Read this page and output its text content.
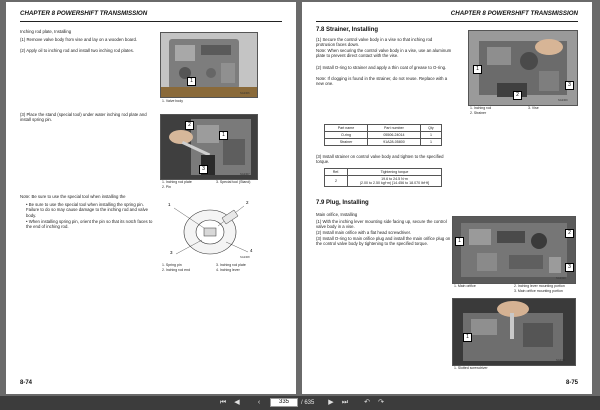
CHAPTER 8 POWERSHIFT TRANSMISSION
Inching rod plate, Installing
(1) Remove valve body from vise and lay on a wooden board.
(2) Apply oil to inching rod and install two inching rod plates.
1
SG2306
1. Valve body
(3) Place the stand (special tool) under water inching rod plate and install spring pin.
2
1
3
SG2307
1. Inching rod plate
2. Pin
3. Special tool (Stand)
Note: Be sure to use the special tool when installing the
• Be sure to use the special tool when installing the spring pin. Failure to do so may cause damage to the inching rod and valve body.
• When installing spring pin, orient the pin so that its notch faces to the end of inching rod.
1	2
3	4
SG2308
1. Spring pin
2. Inching rod end
3. Inching rod plate
4. Inching lever
8-74
CHAPTER 8 POWERSHIFT TRANSMISSION
7.8 Strainer, Installing
(1) Secure the control valve body in a vise so that inching rod protrusion faces down.
Note: When securing the control valve body in a vise, use an aluminum plate to prevent direct contact with the vise.
(2) Install O-ring to strainer and apply a thin coat of grease to O-ring.
Note: If clogging is found in the strainer, do not reuse. Replace with a new one.
1
2
3
SG2309
1. Inching rod
2. Strainer
3. Vise
Part name	Part number	Qty
O-ring	05506-24014	1
Strainer	91A28-05800	1
(3) Install strainer on control valve body and tighten to the specified torque.
Ref.	Tightening torque
2	19.6 to 24.5 N·m
(2.00 to 2.50 kgf·m) [14.456 to 18.070 lbf·ft]
7.9 Plug, Installing
Main orifice, Installing
(1) With the inching lever mounting side facing up, secure the control valve body in a vise.
(2) Install main orifice with a flat head screwdriver.
(3) Install O-ring to main orifice plug and install the main orifice plug on the control valve body by tightening to the specified torque.	1
2
3
SG2310
1. Main orifice	2. Inching lever mounting portion
3. Main orifice mounting portion
1
SG2311
1. Slotted screwdriver
8-75
⏮	◀	‹
335	/ 635	▶	⏭ ↶ ↷
